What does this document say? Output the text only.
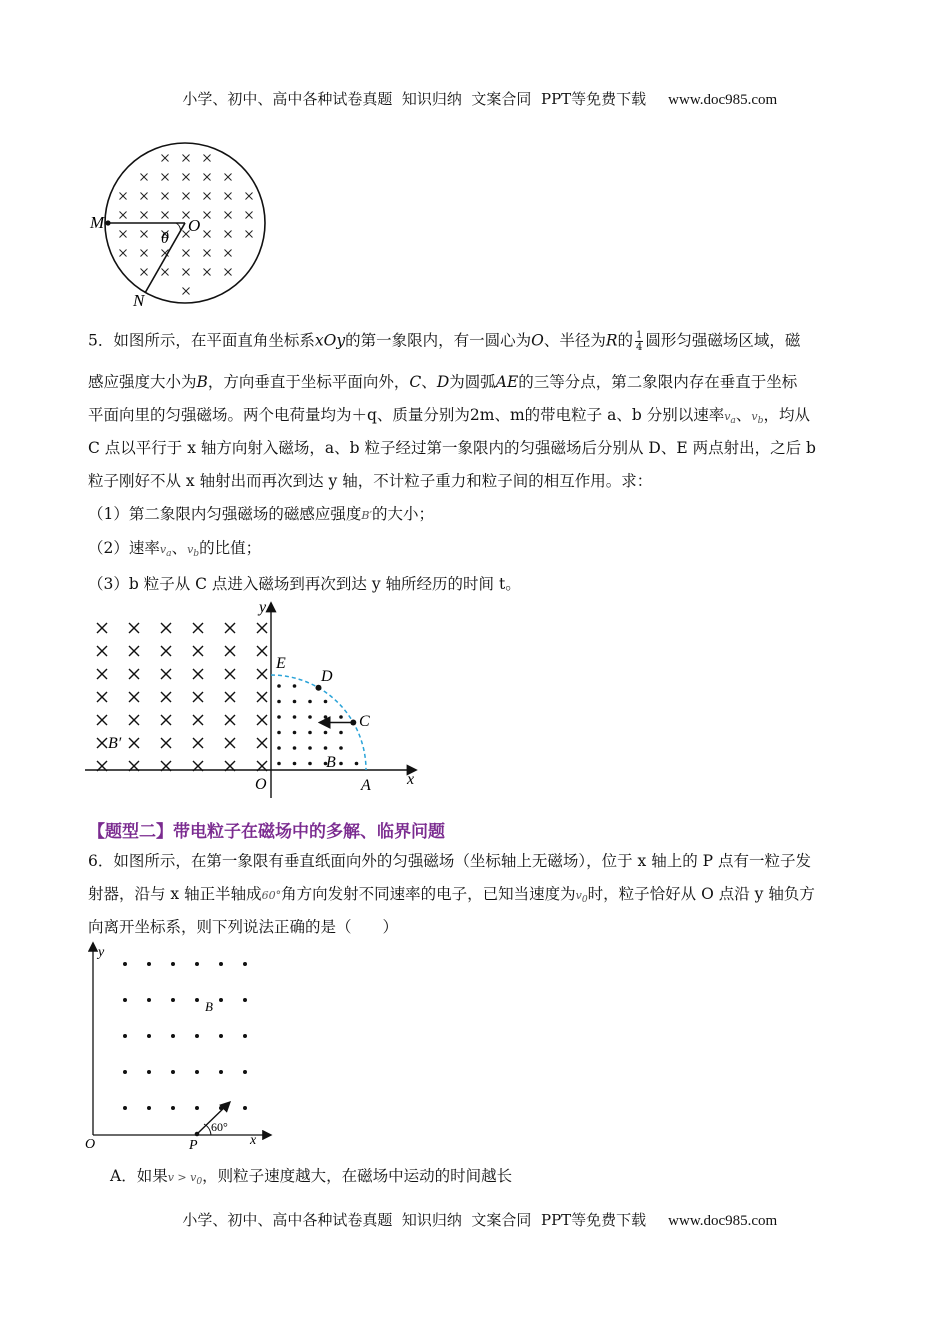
小学、初中、高中各种试卷真题  知识归纳  文案合同  PPT等免费下载 www.doc985.com

M	O
θ
N
5．如图所示，在平面直角坐标系xOy的第一象限内，有一圆心为O、半径为R的 $\frac{1}{4}$ 圆形匀强磁场区域，磁
感应强度大小为B，方向垂直于坐标平面向外，C、D为圆弧AE的三等分点，第二象限内存在垂直于坐标
平面向里的匀强磁场。两个电荷量均为＋q、质量分别为2m、m的带电粒子 a、b 分别以速率$v_a$、$v_b$，均从
C 点以平行于 x 轴方向射入磁场，a、b 粒子经过第一象限内的匀强磁场后分别从 D、E 两点射出，之后 b
粒子刚好不从 x 轴射出而再次到达 y 轴，不计粒子重力和粒子间的相互作用。求：
（1）第二象限内匀强磁场的磁感应强度B′的大小；
（2）速率$v_a$、$v_b$的比值；
（3）b 粒子从 C 点进入磁场到再次到达 y 轴所经历的时间 t。
y
x
E
D
C
O	A
B
B′
【题型二】带电粒子在磁场中的多解、临界问题
6．如图所示，在第一象限有垂直纸面向外的匀强磁场（坐标轴上无磁场），位于 x 轴上的 P 点有一粒子发
射器，沿与 x 轴正半轴成60°角方向发射不同速率的电子，已知当速度为$v_0$时，粒子恰好从 O 点沿 y 轴负方
向离开坐标系，则下列说法正确的是（　　）
y
x
O	P
B
60°
A．如果$v > v_0$，则粒子速度越大，在磁场中运动的时间越长

小学、初中、高中各种试卷真题  知识归纳  文案合同  PPT等免费下载 www.doc985.com
